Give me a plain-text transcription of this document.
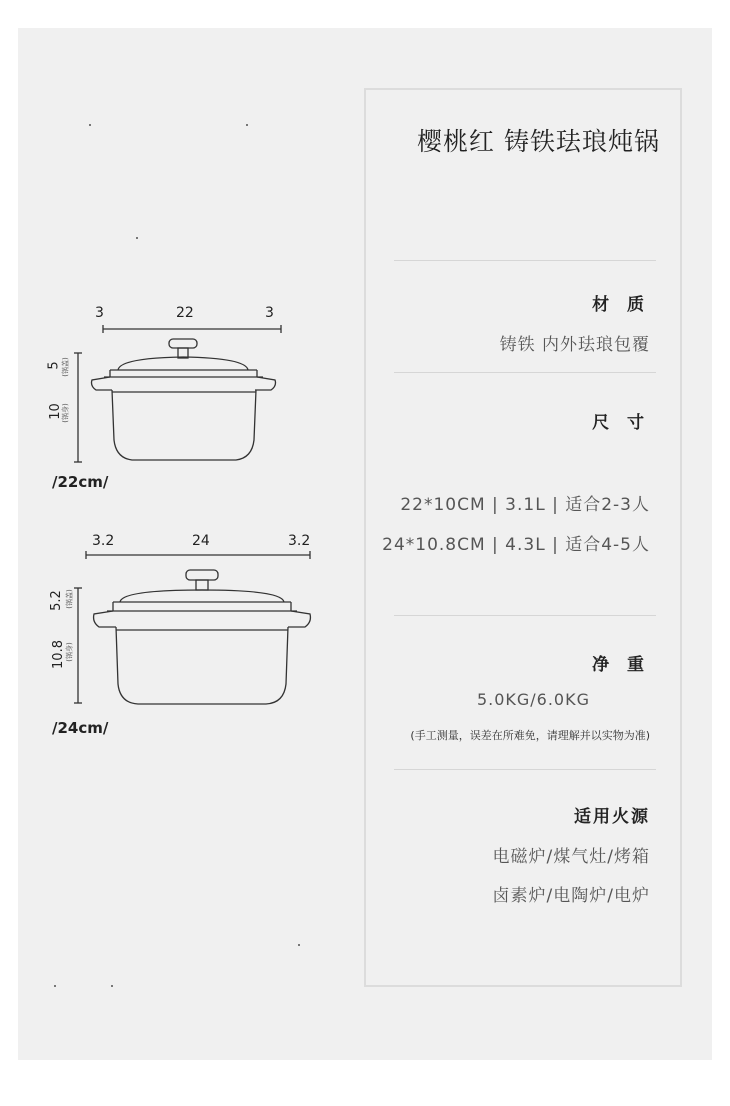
3	22	3
5 (锅盖)
10
(锅身)
/22cm/
3.2	24	3.2
5.2 (锅盖)
10.8 (锅身)
/24cm/
樱桃红 铸铁珐琅炖锅
材 质
铸铁 内外珐琅包覆
尺 寸
22*10CM | 3.1L | 适合2-3人
24*10.8CM | 4.3L | 适合4-5人
净 重
5.0KG/6.0KG
(手工测量，误差在所难免，请理解并以实物为准)
适用火源
电磁炉/煤气灶/烤箱
卤素炉/电陶炉/电炉
